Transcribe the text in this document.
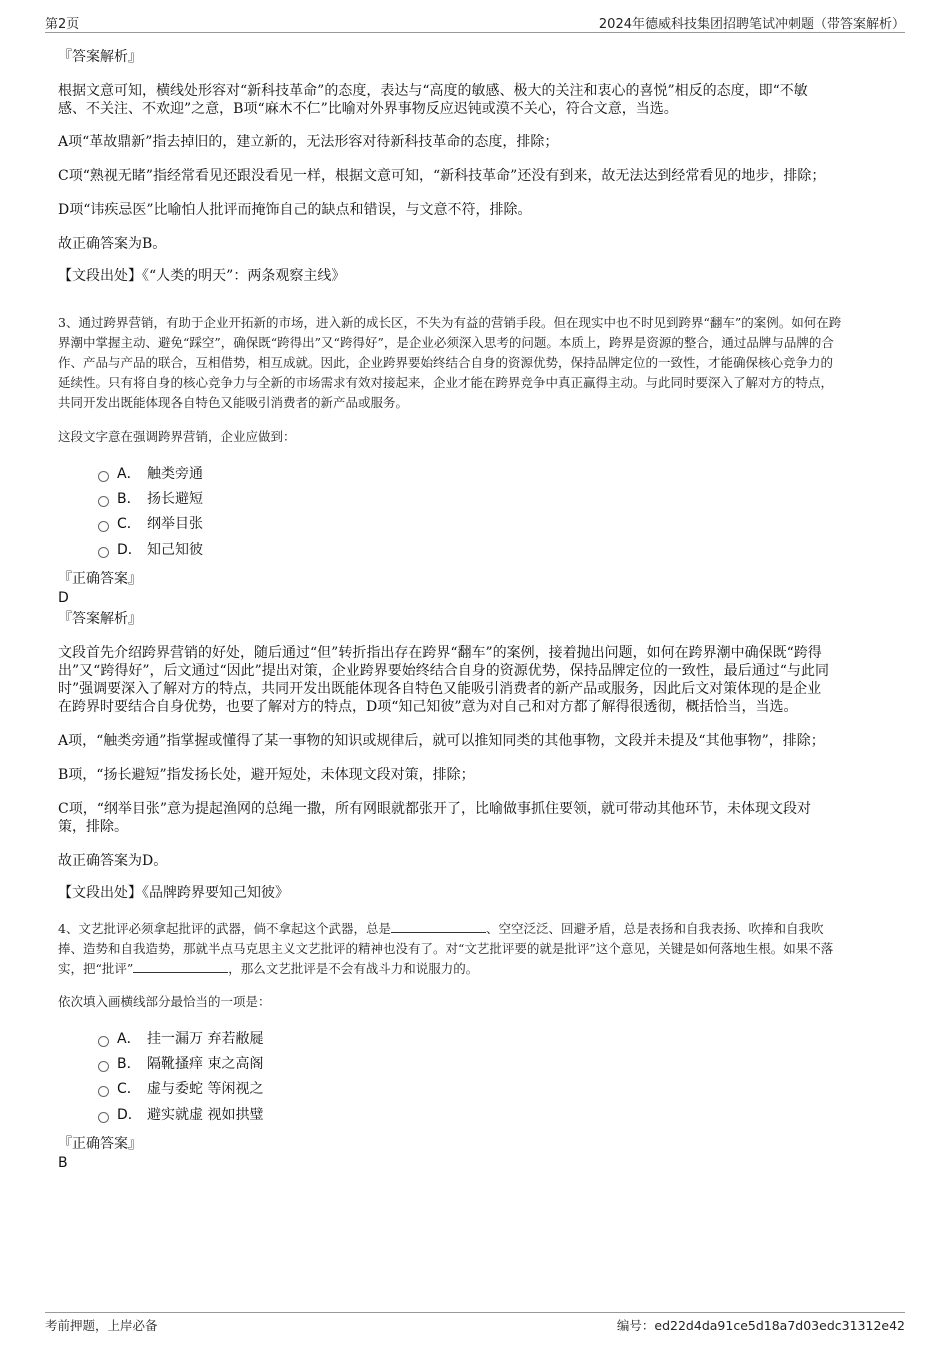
第2页	2024年德威科技集团招聘笔试冲刺题（带答案解析）
『答案解析』
根据文意可知，横线处形容对“新科技革命”的态度，表达与“高度的敏感、极大的关注和衷心的喜悦”相反的态度，即“不敏
感、不关注、不欢迎”之意，B项“麻木不仁”比喻对外界事物反应迟钝或漠不关心，符合文意，当选。
A项“革故鼎新”指去掉旧的，建立新的，无法形容对待新科技革命的态度，排除；
C项“熟视无睹”指经常看见还跟没看见一样，根据文意可知，“新科技革命”还没有到来，故无法达到经常看见的地步，排除；
D项“讳疾忌医”比喻怕人批评而掩饰自己的缺点和错误，与文意不符，排除。
故正确答案为B。
【文段出处】《“人类的明天”：两条观察主线》
3、通过跨界营销，有助于企业开拓新的市场，进入新的成长区，不失为有益的营销手段。但在现实中也不时见到跨界“翻车”的案例。如何在跨
界潮中掌握主动、避免“踩空”，确保既“跨得出”又“跨得好”，是企业必须深入思考的问题。本质上，跨界是资源的整合，通过品牌与品牌的合
作、产品与产品的联合，互相借势，相互成就。因此，企业跨界要始终结合自身的资源优势，保持品牌定位的一致性，才能确保核心竞争力的
延续性。只有将自身的核心竞争力与全新的市场需求有效对接起来，企业才能在跨界竞争中真正赢得主动。与此同时要深入了解对方的特点，
共同开发出既能体现各自特色又能吸引消费者的新产品或服务。
这段文字意在强调跨界营销，企业应做到：
A． 触类旁通
B． 扬长避短
C． 纲举目张
D． 知己知彼
『正确答案』
D
『答案解析』
文段首先介绍跨界营销的好处，随后通过“但”转折指出存在跨界“翻车”的案例，接着抛出问题，如何在跨界潮中确保既“跨得
出”又“跨得好”，后文通过“因此”提出对策，企业跨界要始终结合自身的资源优势，保持品牌定位的一致性，最后通过“与此同
时”强调要深入了解对方的特点，共同开发出既能体现各自特色又能吸引消费者的新产品或服务，因此后文对策体现的是企业
在跨界时要结合自身优势，也要了解对方的特点，D项“知己知彼”意为对自己和对方都了解得很透彻，概括恰当，当选。
A项，“触类旁通”指掌握或懂得了某一事物的知识或规律后，就可以推知同类的其他事物，文段并未提及“其他事物”，排除；
B项，“扬长避短”指发扬长处，避开短处，未体现文段对策，排除；
C项，“纲举目张”意为提起渔网的总绳一撒，所有网眼就都张开了，比喻做事抓住要领，就可带动其他环节，未体现文段对
策，排除。
故正确答案为D。
【文段出处】《品牌跨界要知己知彼》
4、文艺批评必须拿起批评的武器，倘不拿起这个武器，总是	、空空泛泛、回避矛盾，总是表扬和自我表扬、吹捧和自我吹
捧、造势和自我造势，那就半点马克思主义文艺批评的精神也没有了。对“文艺批评要的就是批评”这个意见，关键是如何落地生根。如果不落
实，把“批评”	，那么文艺批评是不会有战斗力和说服力的。
依次填入画横线部分最恰当的一项是：
A． 挂一漏万 弃若敝屣
B． 隔靴搔痒 束之高阁
C． 虚与委蛇 等闲视之
D． 避实就虚 视如拱璧
『正确答案』
B
考前押题，上岸必备	编号：ed22d4da91ce5d18a7d03edc31312e42
